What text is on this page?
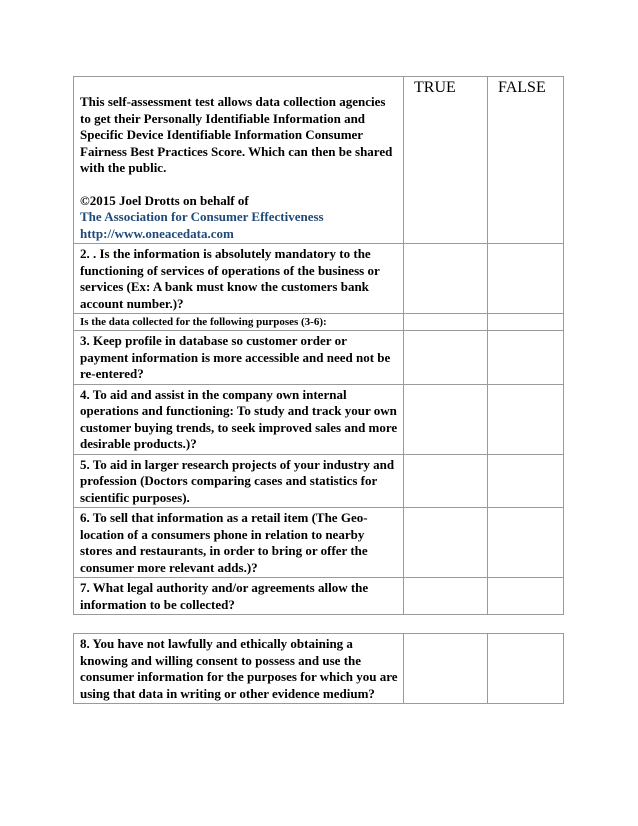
This self-assessment test allows data collection agencies to get their Personally Identifiable Information and Specific Device Identifiable Information Consumer Fairness Best Practices Score. Which can then be shared with the public.
©2015 Joel Drotts on behalf of
The Association for Consumer Effectiveness
http://www.oneacedata.com	TRUE	FALSE
2. . Is the information is absolutely mandatory to the functioning of services of operations of the business or services (Ex: A bank must know the customers bank account number.)?		
Is the data collected for the following purposes (3-6):		
3. Keep profile in database so customer order or payment information is more accessible and need not be re-entered?		
4. To aid and assist in the company own internal operations and functioning: To study and track your own customer buying trends, to seek improved sales and more desirable products.)?		
5. To aid in larger research projects of your industry and profession (Doctors comparing cases and statistics for scientific purposes).		
6. To sell that information as a retail item (The Geo-location of a consumers phone in relation to nearby stores and restaurants, in order to bring or offer the consumer more relevant adds.)?		
7. What legal authority and/or agreements allow the information to be collected?		
8. You have not lawfully and ethically obtaining a knowing and willing consent to possess and use the consumer information for the purposes for which you are using that data in writing or other evidence medium?		
